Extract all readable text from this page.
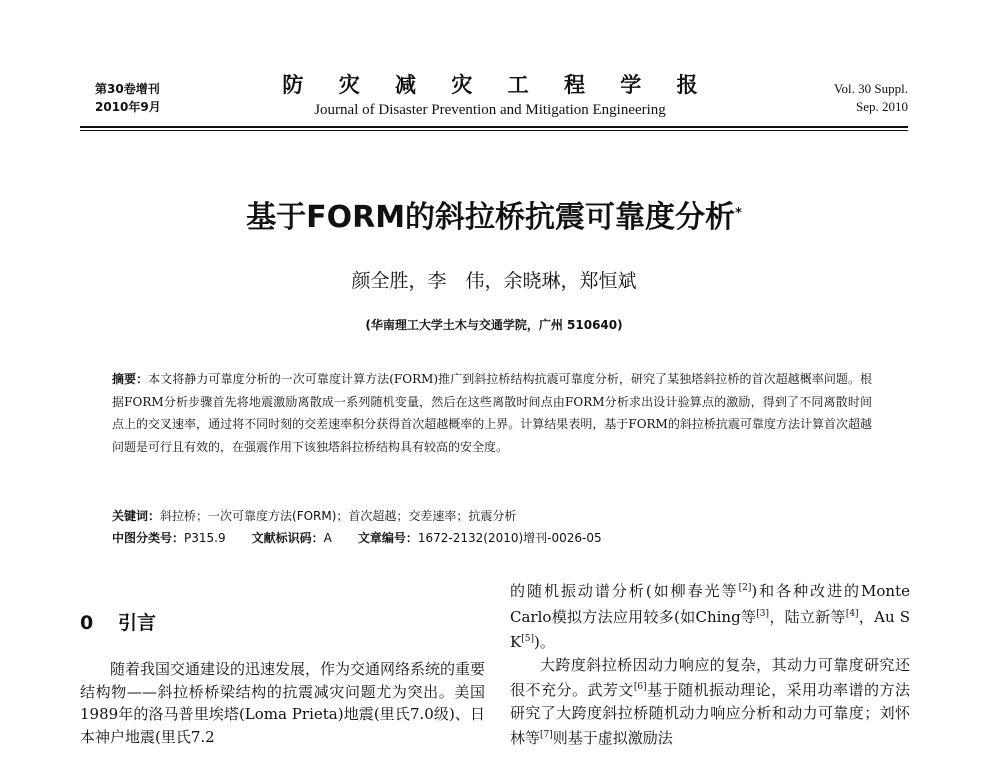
第30卷增刊
2010年9月
防 灾 减 灾 工 程 学 报
Journal of Disaster Prevention and Mitigation Engineering
Vol. 30 Suppl.
Sep. 2010
基于FORM的斜拉桥抗震可靠度分析*
颜全胜，李　伟，余晓琳，郑恒斌
(华南理工大学土木与交通学院，广州 510640)
摘要：本文将静力可靠度分析的一次可靠度计算方法(FORM)推广到斜拉桥结构抗震可靠度分析，研究了某独塔斜拉桥的首次超越概率问题。根据FORM分析步骤首先将地震激励离散成一系列随机变量，然后在这些离散时间点由FORM分析求出设计验算点的激励，得到了不同离散时间点上的交叉速率，通过将不同时刻的交差速率积分获得首次超越概率的上界。计算结果表明，基于FORM的斜拉桥抗震可靠度方法计算首次超越问题是可行且有效的，在强震作用下该独塔斜拉桥结构具有较高的安全度。
关键词：斜拉桥；一次可靠度方法(FORM)；首次超越；交差速率；抗震分析
中图分类号：P315.9 文献标识码：A 文章编号：1672-2132(2010)增刊-0026-05
0 引言

随着我国交通建设的迅速发展，作为交通网络系统的重要结构物——斜拉桥桥梁结构的抗震减灾问题尤为突出。美国1989年的洛马普里埃塔(Loma Prieta)地震(里氏7.0级)、日本神户地震(里氏7.2

的随机振动谱分析(如柳春光等[2])和各种改进的Monte Carlo模拟方法应用较多(如Ching等[3]，陆立新等[4]，Au S K[5])。

大跨度斜拉桥因动力响应的复杂，其动力可靠度研究还很不充分。武芳文[6]基于随机振动理论，采用功率谱的方法研究了大跨度斜拉桥随机动力响应分析和动力可靠度；刘怀林等[7]则基于虚拟激励法
